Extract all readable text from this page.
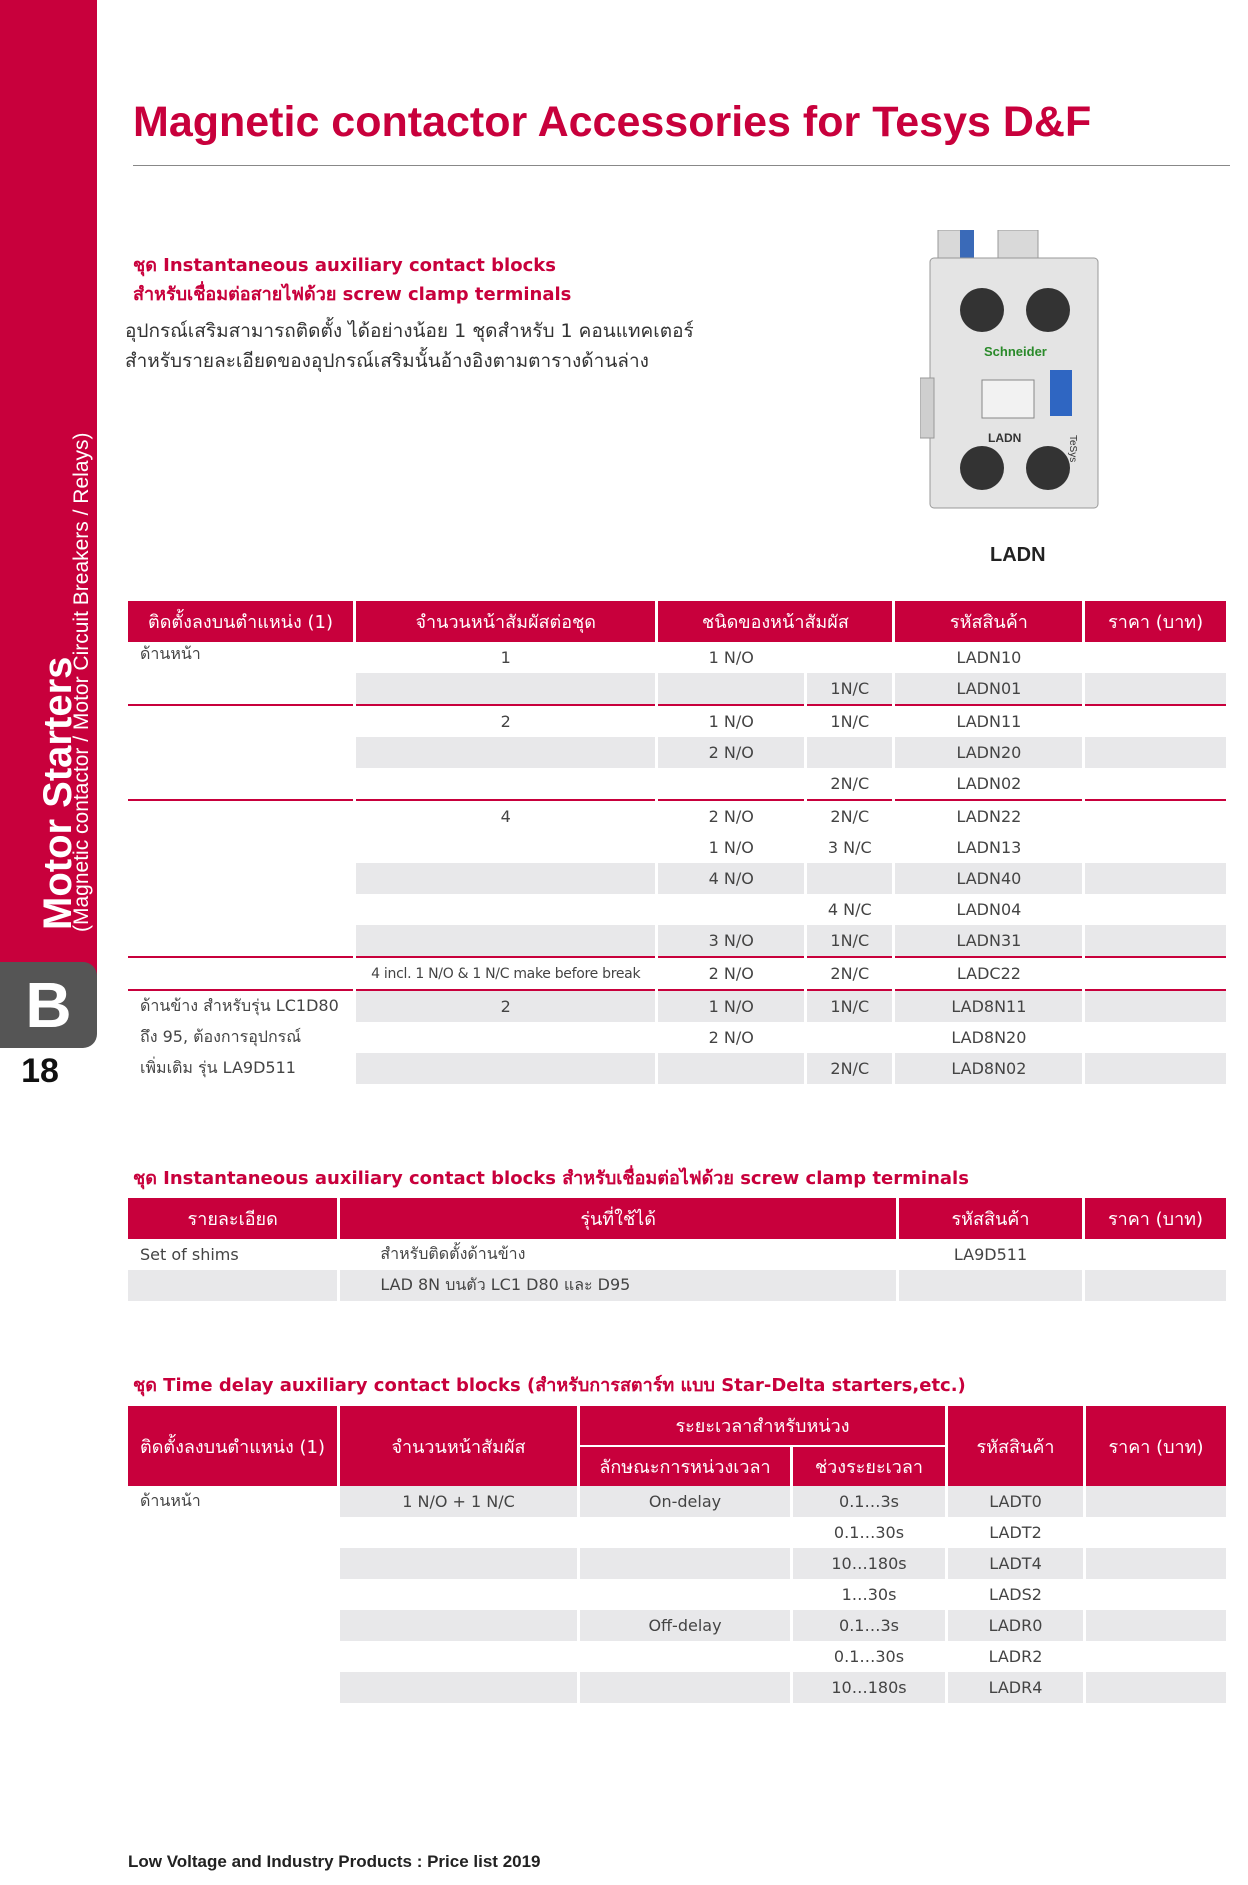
Motor Starters
(Magnetic contactor / Motor Circuit Breakers / Relays)
B
18
Magnetic contactor Accessories for Tesys D&F
ชุด Instantaneous auxiliary contact blocks
สำหรับเชื่อมต่อสายไฟด้วย screw clamp terminals
อุปกรณ์เสริมสามารถติดตั้ง ได้อย่างน้อย 1 ชุดสำหรับ 1 คอนแทคเตอร์
สำหรับรายละเอียดของอุปกรณ์เสริมนั้นอ้างอิงตามตารางด้านล่าง	Schneider
LADN	TeSys
LADN
ติดตั้งลงบนตำแหน่ง (1)	จำนวนหน้าสัมผัสต่อชุด	ชนิดของหน้าสัมผัส		รหัสสินค้า	ราคา (บาท)
ด้านหน้า	1	1 N/O		LADN10	
			1N/C	LADN01	
	2	1 N/O	1N/C	LADN11	
		2 N/O		LADN20	
			2N/C	LADN02	
	4	2 N/O	2N/C	LADN22	
		1 N/O	3 N/C	LADN13	
		4 N/O		LADN40	
			4 N/C	LADN04	
		3 N/O	1N/C	LADN31	
	4 incl. 1 N/O & 1 N/C make before break	2 N/O	2N/C	LADC22	
ด้านข้าง สำหรับรุ่น LC1D80	2	1 N/O	1N/C	LAD8N11	
ถึง 95, ต้องการอุปกรณ์		2 N/O		LAD8N20	
เพิ่มเติม รุ่น LA9D511			2N/C	LAD8N02	
ชุด Instantaneous auxiliary contact blocks สำหรับเชื่อมต่อไฟด้วย screw clamp terminals
รายละเอียด	รุ่นที่ใช้ได้	รหัสสินค้า	ราคา (บาท)
Set of shims	สำหรับติดตั้งด้านข้าง	LA9D511	
	LAD 8N บนตัว LC1 D80 และ D95		
ชุด Time delay auxiliary contact blocks (สำหรับการสตาร์ท แบบ Star-Delta starters,etc.)
ติดตั้งลงบนตำแหน่ง (1)	จำนวนหน้าสัมผัส	ระยะเวลาสำหรับหน่วง		รหัสสินค้า	ราคา (บาท)
		ลักษณะการหน่วงเวลา	ช่วงระยะเวลา		
ด้านหน้า	1 N/O + 1 N/C	On-delay	0.1…3s	LADT0	
			0.1…30s	LADT2	
			10…180s	LADT4	
			1…30s	LADS2	
		Off-delay	0.1…3s	LADR0	
			0.1…30s	LADR2	
			10…180s	LADR4	
Low Voltage and Industry Products : Price list 2019
